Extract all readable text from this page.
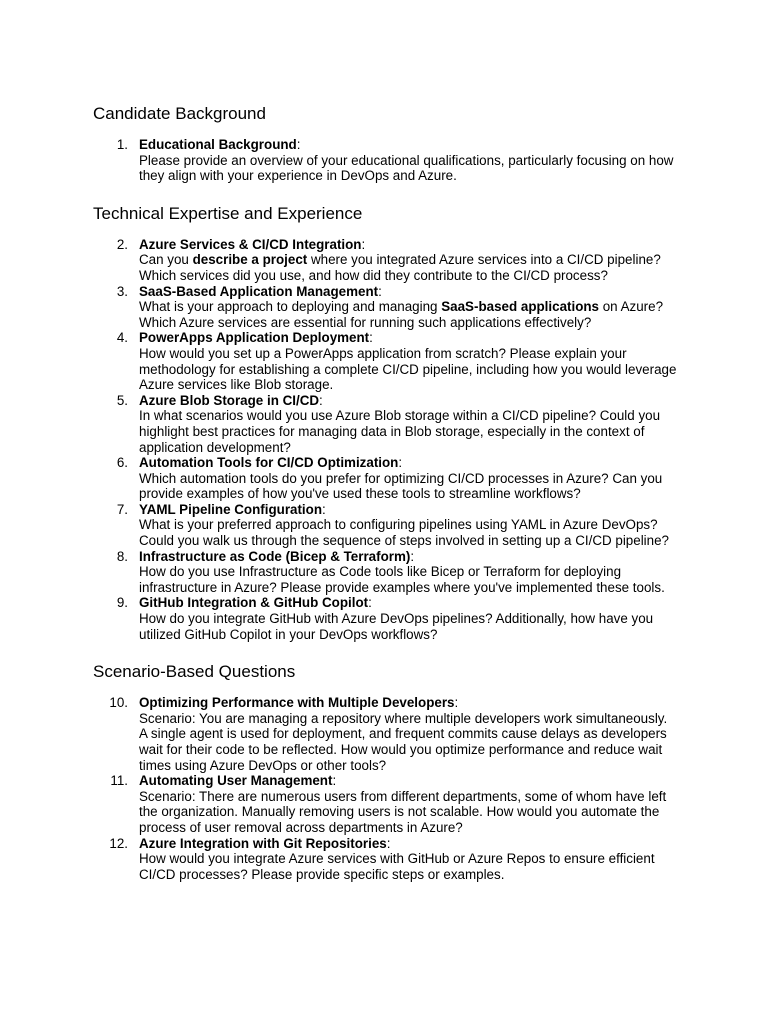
Candidate Background
1. Educational Background:
Please provide an overview of your educational qualifications, particularly focusing on how they align with your experience in DevOps and Azure.
Technical Expertise and Experience
2. Azure Services & CI/CD Integration:
Can you describe a project where you integrated Azure services into a CI/CD pipeline? Which services did you use, and how did they contribute to the CI/CD process?
3. SaaS-Based Application Management:
What is your approach to deploying and managing SaaS-based applications on Azure? Which Azure services are essential for running such applications effectively?
4. PowerApps Application Deployment:
How would you set up a PowerApps application from scratch? Please explain your methodology for establishing a complete CI/CD pipeline, including how you would leverage Azure services like Blob storage.
5. Azure Blob Storage in CI/CD:
In what scenarios would you use Azure Blob storage within a CI/CD pipeline? Could you highlight best practices for managing data in Blob storage, especially in the context of application development?
6. Automation Tools for CI/CD Optimization:
Which automation tools do you prefer for optimizing CI/CD processes in Azure? Can you provide examples of how you've used these tools to streamline workflows?
7. YAML Pipeline Configuration:
What is your preferred approach to configuring pipelines using YAML in Azure DevOps? Could you walk us through the sequence of steps involved in setting up a CI/CD pipeline?
8. Infrastructure as Code (Bicep & Terraform):
How do you use Infrastructure as Code tools like Bicep or Terraform for deploying infrastructure in Azure? Please provide examples where you've implemented these tools.
9. GitHub Integration & GitHub Copilot:
How do you integrate GitHub with Azure DevOps pipelines? Additionally, how have you utilized GitHub Copilot in your DevOps workflows?
Scenario-Based Questions
10. Optimizing Performance with Multiple Developers:
Scenario: You are managing a repository where multiple developers work simultaneously. A single agent is used for deployment, and frequent commits cause delays as developers wait for their code to be reflected. How would you optimize performance and reduce wait times using Azure DevOps or other tools?
11. Automating User Management:
Scenario: There are numerous users from different departments, some of whom have left the organization. Manually removing users is not scalable. How would you automate the process of user removal across departments in Azure?
12. Azure Integration with Git Repositories:
How would you integrate Azure services with GitHub or Azure Repos to ensure efficient CI/CD processes? Please provide specific steps or examples.
